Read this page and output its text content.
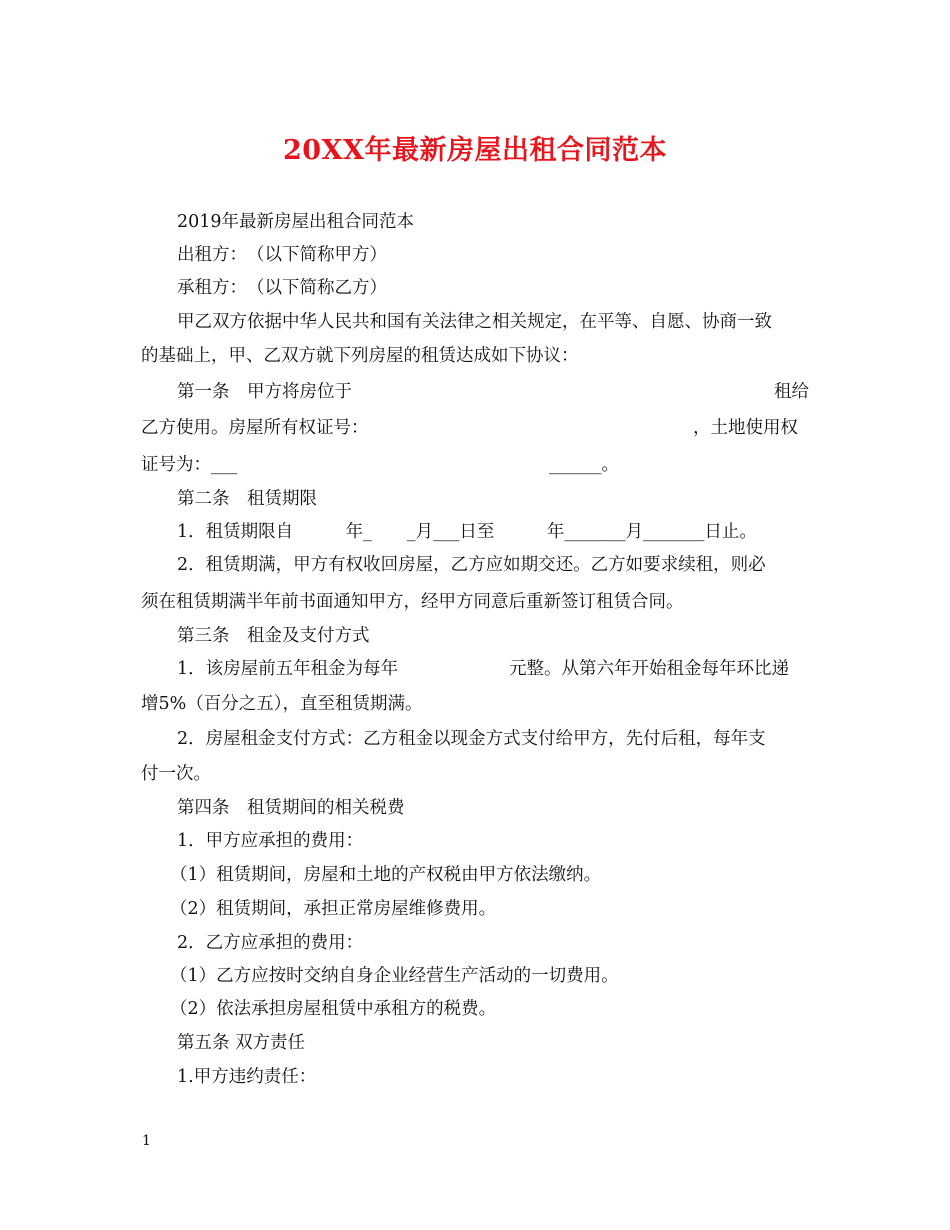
20XX年最新房屋出租合同范本
2019年最新房屋出租合同范本
出租方：　（以下简称甲方）
承租方：　（以下简称乙方）
甲乙双方依据中华人民共和国有关法律之相关规定，在平等、自愿、协商一致
的基础上，甲、乙双方就下列房屋的租赁达成如下协议：
第一条　甲方将房位于	租给
乙方使用。房屋所有权证号：	，土地使用权
证号为：___	______。
第二条　租赁期限
1．租赁期限自　　　年_　　_月___日至　　　年_______月_______日止。
2．租赁期满，甲方有权收回房屋，乙方应如期交还。乙方如要求续租，则必
须在租赁期满半年前书面通知甲方，经甲方同意后重新签订租赁合同。
第三条　租金及支付方式
1．该房屋前五年租金为每年	元整。从第六年开始租金每年环比递
增5%（百分之五），直至租赁期满。
2．房屋租金支付方式：乙方租金以现金方式支付给甲方，先付后租，每年支
付一次。
第四条　租赁期间的相关税费
1．甲方应承担的费用：
（1）租赁期间，房屋和土地的产权税由甲方依法缴纳。
（2）租赁期间，承担正常房屋维修费用。
2．乙方应承担的费用：
（1）乙方应按时交纳自身企业经营生产活动的一切费用。
（2）依法承担房屋租赁中承租方的税费。
第五条 双方责任
1.甲方违约责任：
1
